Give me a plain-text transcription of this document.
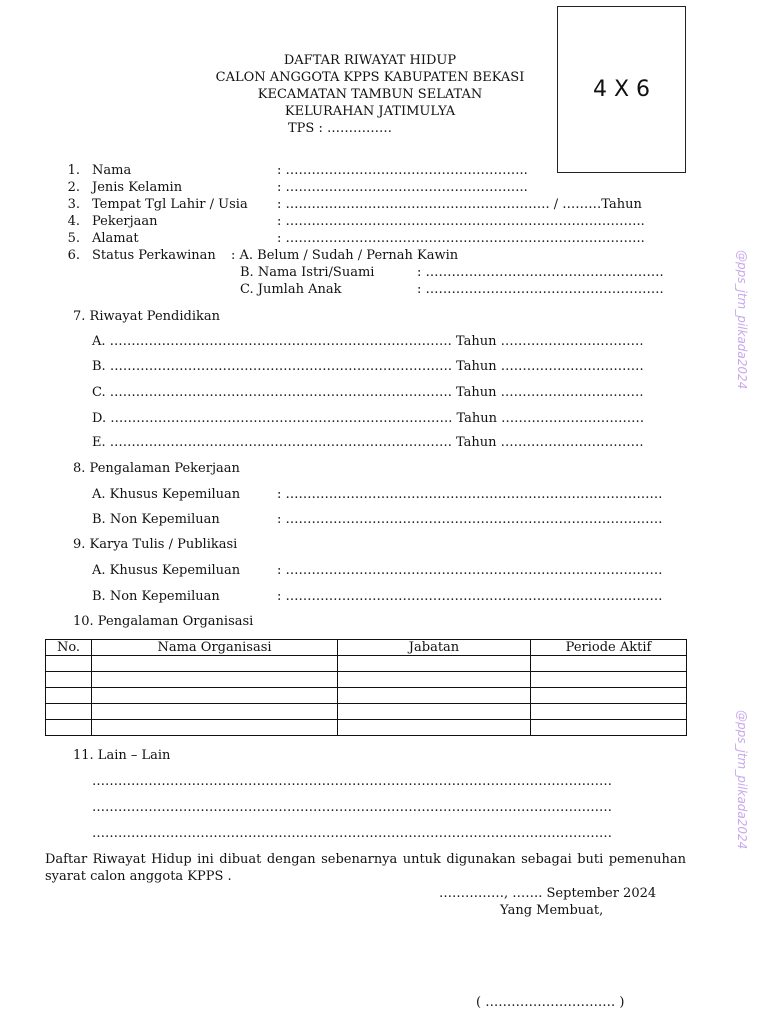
DAFTAR RIWAYAT HIDUP
CALON ANGGOTA KPPS KABUPATEN BEKASI
KECAMATAN TAMBUN SELATAN
KELURAHAN JATIMULYA
TPS : ……………
4 X 6
@pps_jtm_pilkada2024
@pps_jtm_pilkada2024
1. Nama	: ………………………………………………..
2. Jenis Kelamin	: ………………………………………………..
3. Tempat Tgl Lahir / Usia : ……………………………………………………. / ………Tahun
4. Pekerjaan	: ………………………………………………………………………..
5. Alamat	: ………………………………………………………………………..
6. Status Perkawinan : A. Belum / Sudah / Pernah Kawin
B. Nama Istri/Suami	: ……………………………………………….
C. Jumlah Anak	: ……………………………………………….
7. Riwayat Pendidikan
A. ……………………………………………………………………. Tahun ……………………………
B. ……………………………………………………………………. Tahun ……………………………
C. ……………………………………………………………………. Tahun ……………………………
D. ……………………………………………………………………. Tahun ……………………………
E. ……………………………………………………………………. Tahun ……………………………
8. Pengalaman Pekerjaan
A. Khusus Kepemiluan	: ……………………………………………………………………………
B. Non Kepemiluan	: ……………………………………………………………………………
9. Karya Tulis / Publikasi
A. Khusus Kepemiluan	: ……………………………………………………………………………
B. Non Kepemiluan	: ……………………………………………………………………………
10. Pengalaman Organisasi
No.	Nama Organisasi	Jabatan	Periode Aktif

11. Lain – Lain
…………………………………………………………………………………………………………
…………………………………………………………………………………………………………
…………………………………………………………………………………………………………
Daftar Riwayat Hidup ini dibuat dengan sebenarnya untuk digunakan sebagai buti pemenuhan syarat calon anggota KPPS .
……………, ……. September 2024
Yang Membuat,
( ………………………… )
